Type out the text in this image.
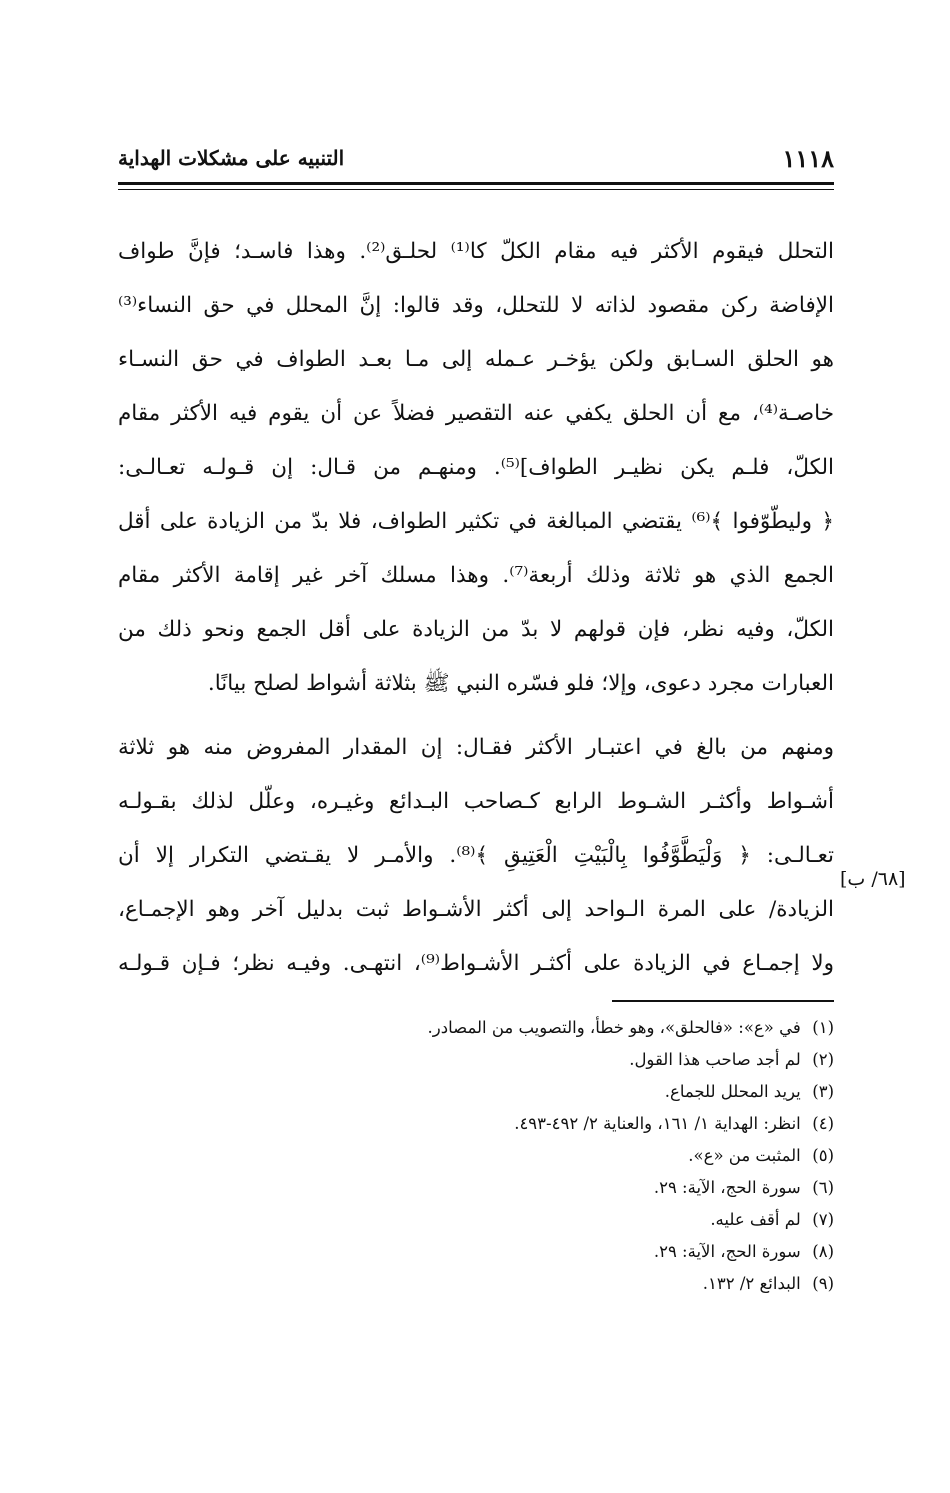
١١١٨
التنبيه على مشكلات الهداية
التحلل فيقوم الأكثر فيه مقام الكلّ كا⁽¹⁾ لحلـق⁽²⁾. وهذا فاسـد؛ فإنَّ طواف
الإفاضة ركن مقصود لذاته لا للتحلل، وقد قالوا: إنَّ المحلل في حق النساء⁽³⁾
هو الحلق السـابق ولكن يؤخـر عـمله إلى مـا بعـد الطواف في حق النسـاء
خاصـة⁽⁴⁾، مع أن الحلق يكفي عنه التقصير فضلاً عن أن يقوم فيه الأكثر مقام
الكلّ، فلـم يكن نظيـر الطواف]⁽⁵⁾. ومنهـم من قـال: إن قـولـه تعـالـى:
﴿ وليطّوّفوا ﴾⁽⁶⁾ يقتضي المبالغة في تكثير الطواف، فلا بدّ من الزيادة على أقل
الجمع الذي هو ثلاثة وذلك أربعة⁽⁷⁾. وهذا مسلك آخر غير إقامة الأكثر مقام
الكلّ، وفيه نظر، فإن قولهم لا بدّ من الزيادة على أقل الجمع ونحو ذلك من
العبارات مجرد دعوى، وإلا؛ فلو فسّره النبي ﷺ بثلاثة أشواط لصلح بيانًا.
ومنهم من بالغ في اعتبـار الأكثر فقـال: إن المقدار المفروض منه هو ثلاثة
أشـواط وأكثـر الشـوط الرابع كـصاحب البـدائع وغيـره، وعلّل لذلك بقـولـه
تعـالـى: ﴿ وَلْيَطَّوَّفُوا بِالْبَيْتِ الْعَتِيقِ ﴾⁽⁸⁾. والأمـر لا يقـتضي التكرار إلا أن
الزيادة/ على المرة الـواحد إلى أكثر الأشـواط ثبت بدليل آخر وهو الإجمـاع،
ولا إجمـاع في الزيادة على أكثـر الأشـواط⁽⁹⁾، انتهـى. وفيـه نظر؛ فـإن قـولـه
[٦٨/ ب]
(١) في «ع»: «فالحلق»، وهو خطأ، والتصويب من المصادر.
(٢) لم أجد صاحب هذا القول.
(٣) يريد المحلل للجماع.
(٤) انظر: الهداية ١/ ١٦١، والعناية ٢/ ٤٩٢-٤٩٣.
(٥) المثبت من «ع».
(٦) سورة الحج، الآية: ٢٩.
(٧) لم أقف عليه.
(٨) سورة الحج، الآية: ٢٩.
(٩) البدائع ٢/ ١٣٢.
